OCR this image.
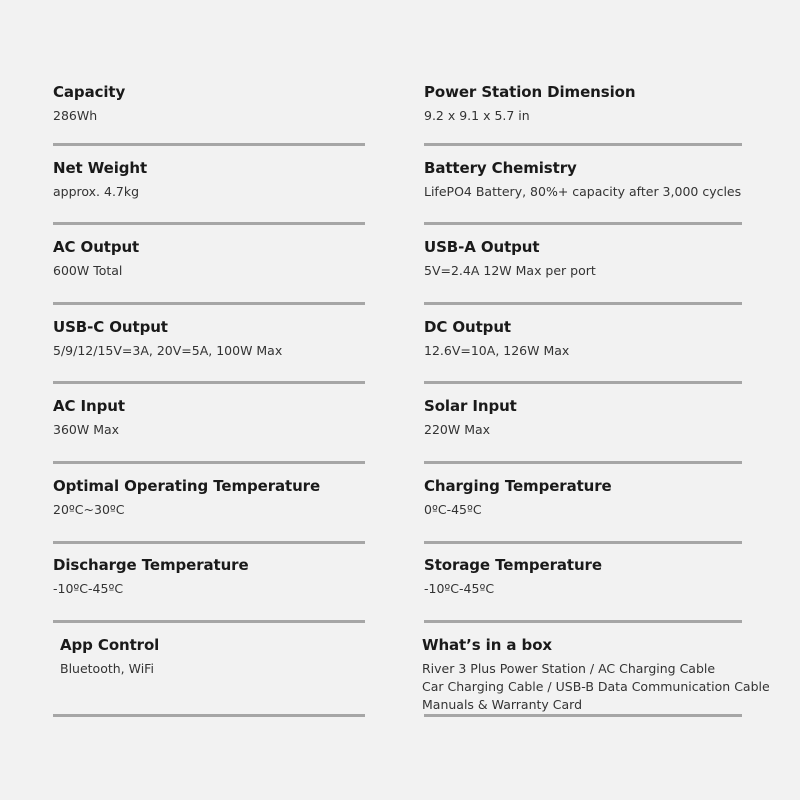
Capacity
286Wh
Net Weight
approx. 4.7kg
AC Output
600W Total
USB-C Output
5/9/12/15V=3A, 20V=5A, 100W Max
AC Input
360W Max
Optimal Operating Temperature
20ºC~30ºC
Discharge Temperature
-10ºC-45ºC
App Control
Bluetooth, WiFi
Power Station Dimension
9.2 x 9.1 x 5.7 in
Battery Chemistry
LifePO4 Battery, 80%+ capacity after 3,000 cycles
USB-A Output
5V=2.4A 12W Max per port
DC Output
12.6V=10A, 126W Max
Solar Input
220W Max
Charging Temperature
0ºC-45ºC
Storage Temperature
-10ºC-45ºC
What’s in a box
River 3 Plus Power Station / AC Charging Cable
Car Charging Cable / USB-B Data Communication Cable
Manuals & Warranty Card
